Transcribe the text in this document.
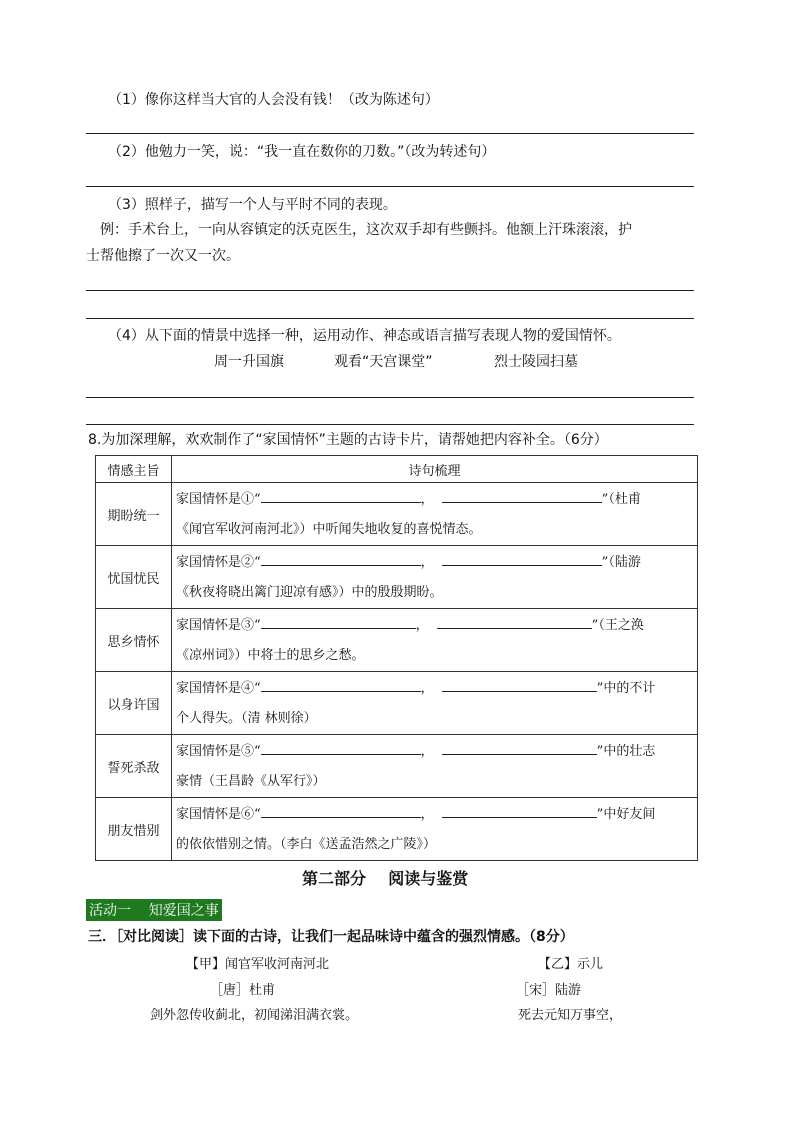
（1）像你这样当大官的人会没有钱！（改为陈述句）
（2）他勉力一笑，说：“我一直在数你的刀数。”（改为转述句）
（3）照样子，描写一个人与平时不同的表现。
例：手术台上，一向从容镇定的沃克医生，这次双手却有些颤抖。他额上汗珠滚滚，护
士帮他擦了一次又一次。
（4）从下面的情景中选择一种，运用动作、神态或语言描写表现人物的爱国情怀。
周一升国旗	观看“天宫课堂”	烈士陵园扫墓
8.为加深理解，欢欢制作了“家国情怀”主题的古诗卡片，请帮她把内容补全。（6分）
情感主旨	诗句梳理
期盼统一	家国情怀是①“ ， ”（杜甫
《闻官军收河南河北》）中听闻失地收复的喜悦情态。

忧国忧民	家国情怀是②“ ， ”（陆游
《秋夜将晓出篱门迎凉有感》）中的殷殷期盼。

思乡情怀	家国情怀是③“ ， ”（王之涣
《凉州词》）中将士的思乡之愁。

以身许国	家国情怀是④“ ， ”中的不计
个人得失。（清 林则徐）

誓死杀敌	家国情怀是⑤“ ， ”中的壮志
豪情（王昌龄《从军行》）

朋友惜别	家国情怀是⑥“ ， ”中好友间
的依依惜别之情。（李白《送孟浩然之广陵》）
第二部分    阅读与鉴赏
活动一    知爱国之事
三．［对比阅读］读下面的古诗，让我们一起品味诗中蕴含的强烈情感。（8分）
【甲】闻官军收河南河北
［唐］杜甫
剑外忽传收蓟北，初闻涕泪满衣裳。
【乙】示儿
［宋］陆游
死去元知万事空，
